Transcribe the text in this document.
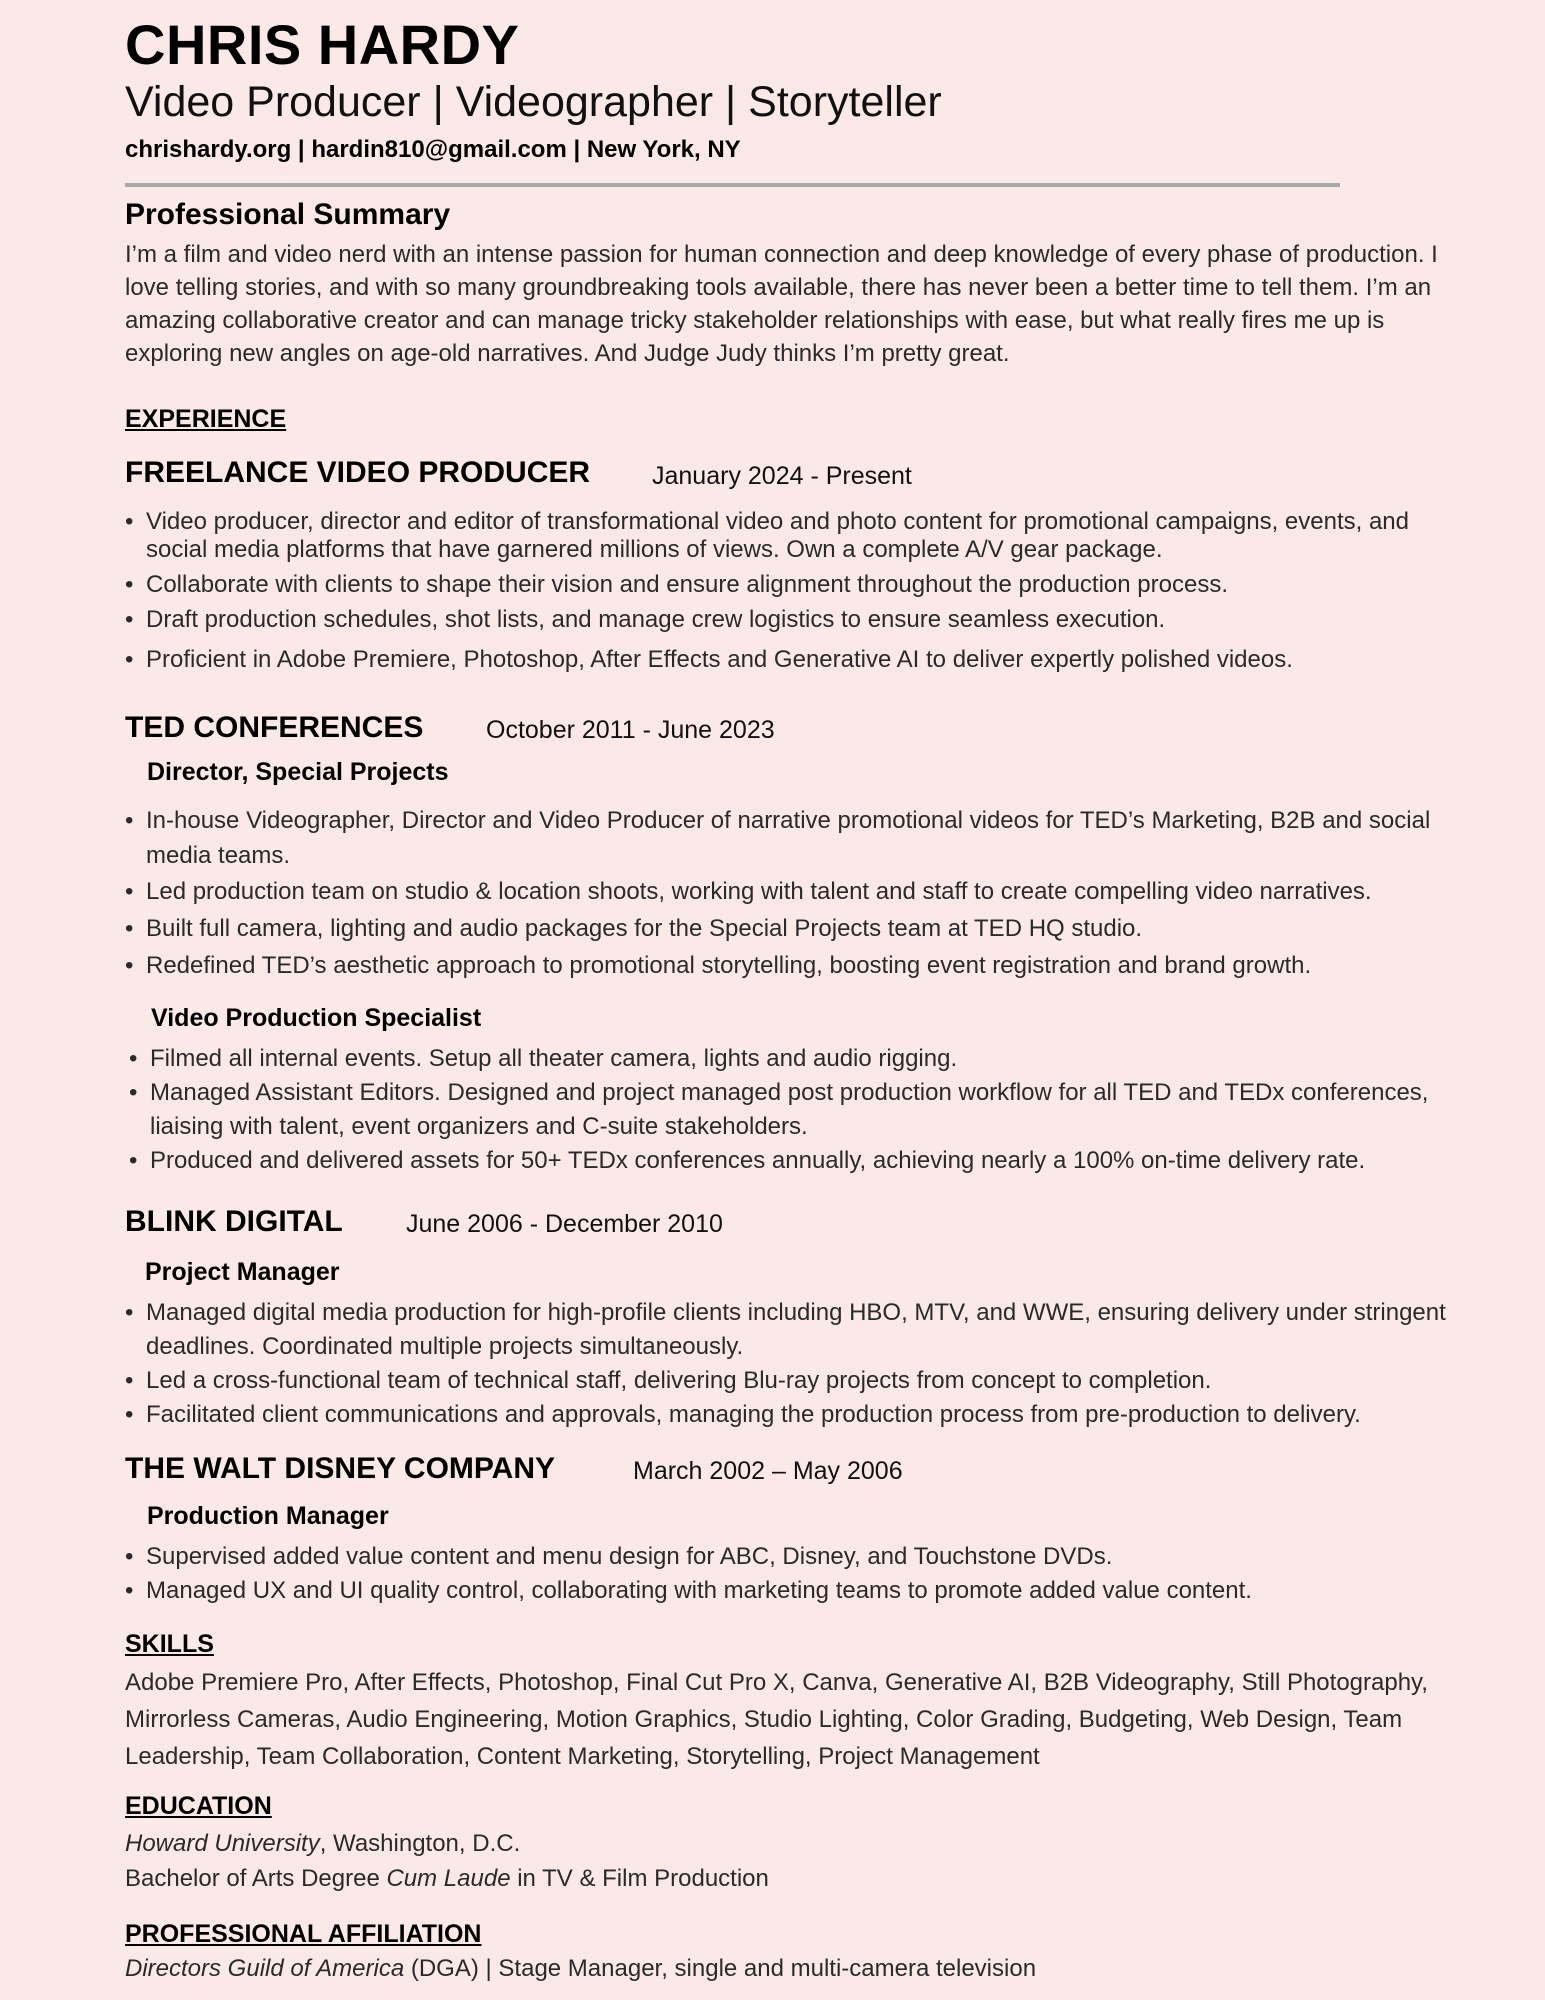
CHRIS HARDY
Video Producer | Videographer | Storyteller
chrishardy.org | hardin810@gmail.com | New York, NY
Professional Summary
I’m a film and video nerd with an intense passion for human connection and deep knowledge of every phase of production. I love telling stories, and with so many groundbreaking tools available, there has never been a better time to tell them. I’m an amazing collaborative creator and can manage tricky stakeholder relationships with ease, but what really fires me up is exploring new angles on age-old narratives. And Judge Judy thinks I’m pretty great.
EXPERIENCE
FREELANCE VIDEO PRODUCER January 2024 - Present
• Video producer, director and editor of transformational video and photo content for promotional campaigns, events, and social media platforms that have garnered millions of views. Own a complete A/V gear package.
• Collaborate with clients to shape their vision and ensure alignment throughout the production process.
• Draft production schedules, shot lists, and manage crew logistics to ensure seamless execution.
• Proficient in Adobe Premiere, Photoshop, After Effects and Generative AI to deliver expertly polished videos.
TED CONFERENCES	October 2011 - June 2023
Director, Special Projects
• In-house Videographer, Director and Video Producer of narrative promotional videos for TED’s Marketing, B2B and social media teams.
• Led production team on studio & location shoots, working with talent and staff to create compelling video narratives.
• Built full camera, lighting and audio packages for the Special Projects team at TED HQ studio.
• Redefined TED’s aesthetic approach to promotional storytelling, boosting event registration and brand growth.
Video Production Specialist
• Filmed all internal events. Setup all theater camera, lights and audio rigging.
• Managed Assistant Editors. Designed and project managed post production workflow for all TED and TEDx conferences, liaising with talent, event organizers and C-suite stakeholders.
• Produced and delivered assets for 50+ TEDx conferences annually, achieving nearly a 100% on-time delivery rate.
BLINK DIGITAL	June 2006 - December 2010
Project Manager
• Managed digital media production for high-profile clients including HBO, MTV, and WWE, ensuring delivery under stringent deadlines. Coordinated multiple projects simultaneously.
• Led a cross-functional team of technical staff, delivering Blu-ray projects from concept to completion.
• Facilitated client communications and approvals, managing the production process from pre-production to delivery.
THE WALT DISNEY COMPANY	March 2002 – May 2006
Production Manager
• Supervised added value content and menu design for ABC, Disney, and Touchstone DVDs.
• Managed UX and UI quality control, collaborating with marketing teams to promote added value content.
SKILLS
Adobe Premiere Pro, After Effects, Photoshop, Final Cut Pro X, Canva, Generative AI, B2B Videography, Still Photography, Mirrorless Cameras, Audio Engineering, Motion Graphics, Studio Lighting, Color Grading, Budgeting, Web Design, Team Leadership, Team Collaboration, Content Marketing, Storytelling, Project Management
EDUCATION
Howard University, Washington, D.C.
Bachelor of Arts Degree Cum Laude in TV & Film Production
PROFESSIONAL AFFILIATION
Directors Guild of America (DGA) | Stage Manager, single and multi-camera television
